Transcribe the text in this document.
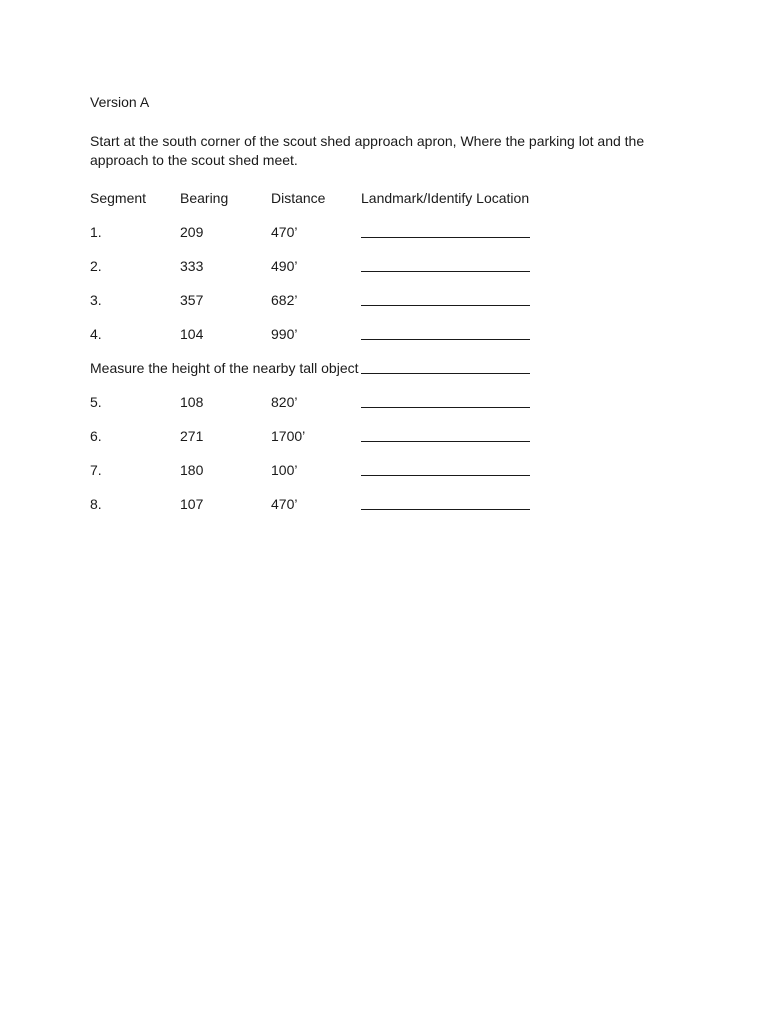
Version A
Start at the south corner of the scout shed approach apron, Where the parking lot and the
approach to the scout shed meet.
Segment Bearing	Distance	Landmark/Identify Location
1.	209	470’
2.	333	490’
3.	357	682’
4.	104	990’
Measure the height of the nearby tall object
5.	108	820’
6.	271	1700’
7.	180	100’
8.	107	470’
